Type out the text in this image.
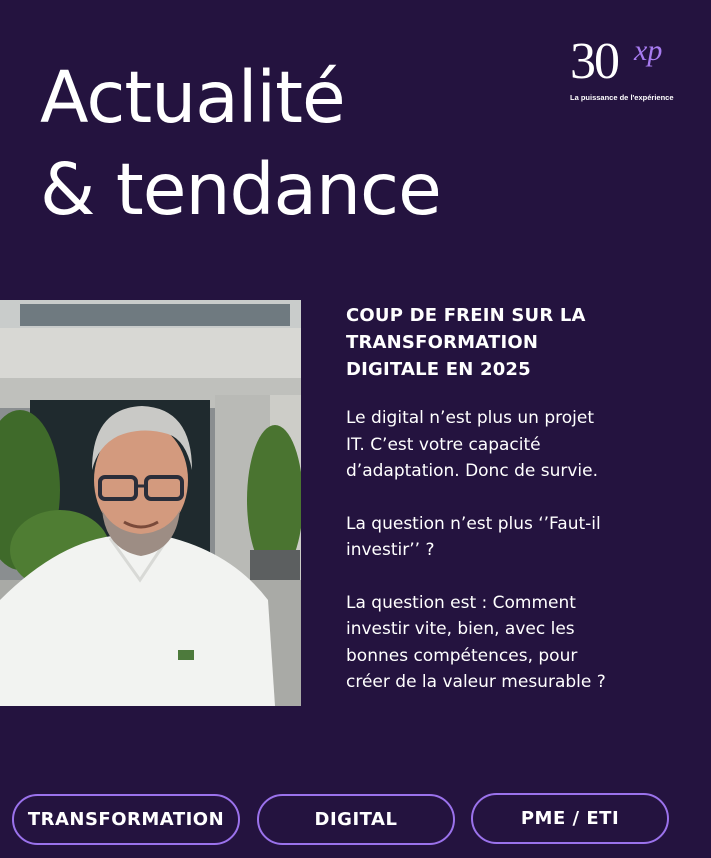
Actualité
& tendance
30 xp
La puissance de l'expérience
COUP DE FREIN SUR LA
TRANSFORMATION
DIGITALE EN 2025

Le digital n’est plus un projet
IT. C’est votre capacité
d’adaptation. Donc de survie.

La question n’est plus ‘’Faut-il
investir’’ ?

La question est : Comment
investir vite, bien, avec les
bonnes compétences, pour
créer de la valeur mesurable ?

TRANSFORMATION	DIGITAL	PME / ETI
